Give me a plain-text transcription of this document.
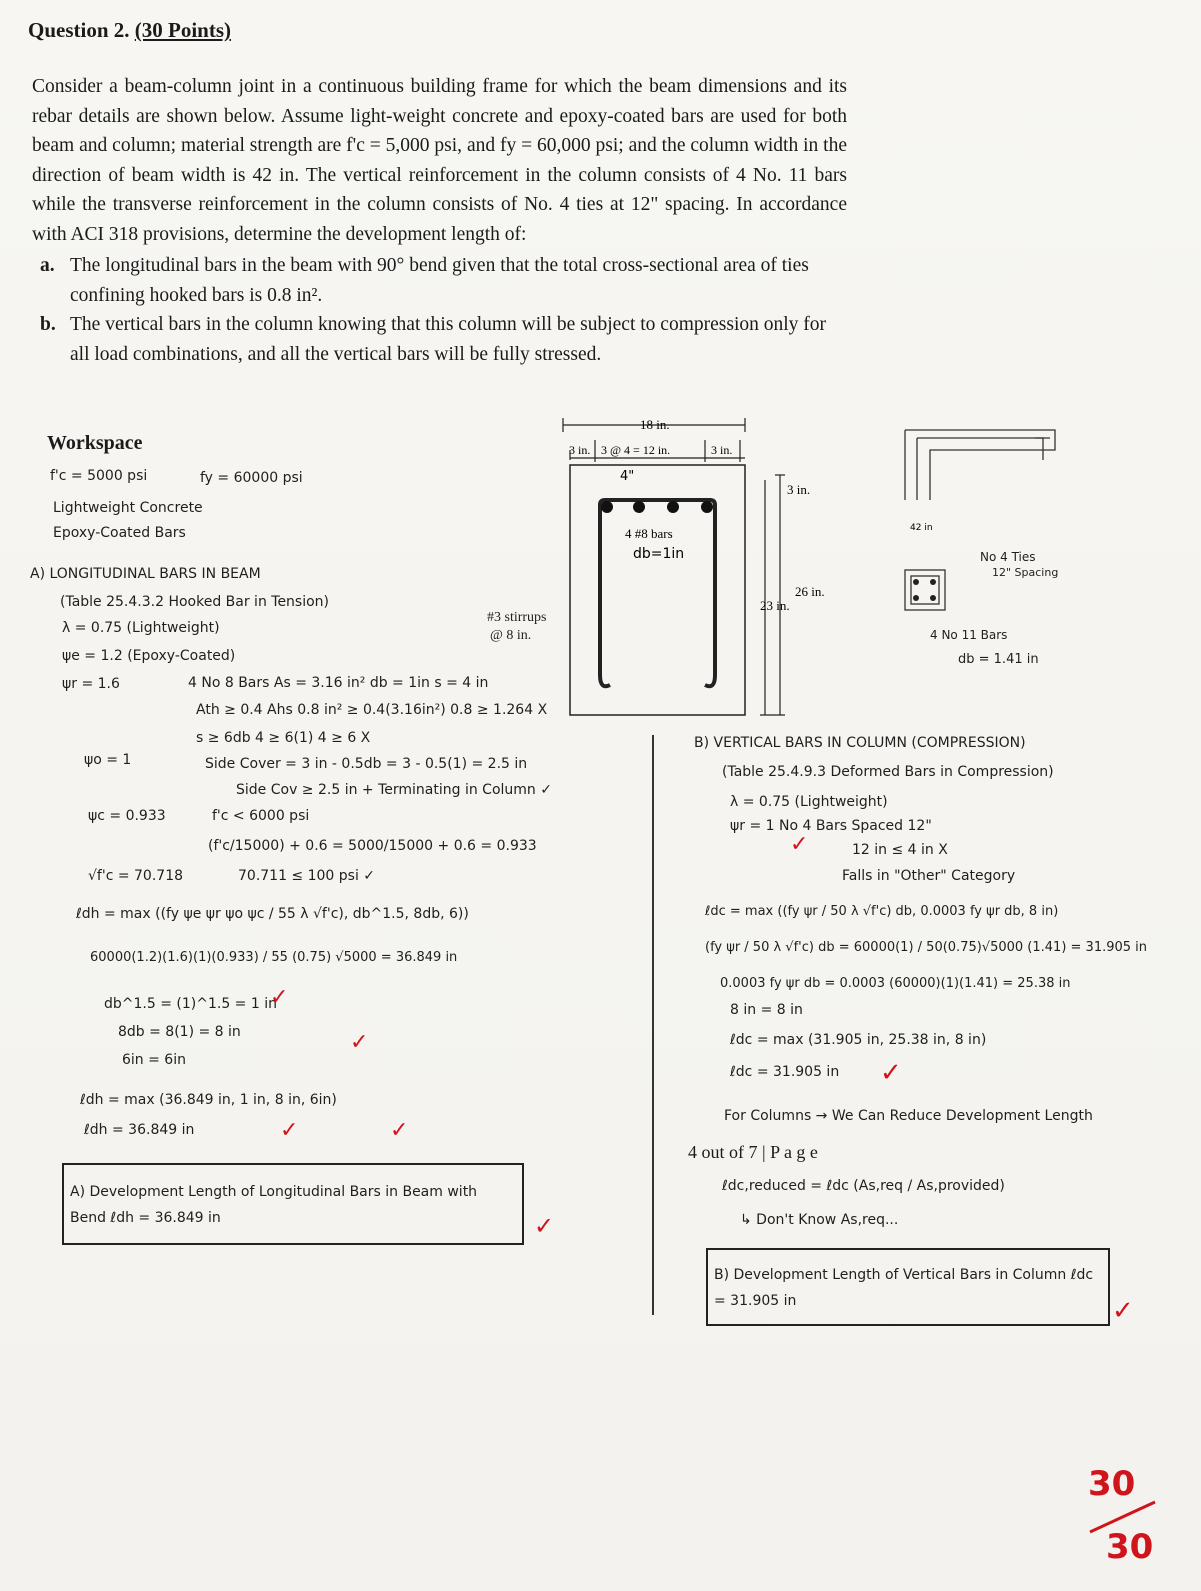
Question 2. (30 Points)

Consider a beam-column joint in a continuous building frame for which the beam dimensions and its rebar details are shown below. Assume light-weight concrete and epoxy-coated bars are used for both beam and column; material strength are f'c = 5,000 psi, and fy = 60,000 psi; and the column width in the direction of beam width is 42 in. The vertical reinforcement in the column consists of 4 No. 11 bars while the transverse reinforcement in the column consists of No. 4 ties at 12" spacing. In accordance with ACI 318 provisions, determine the development length of:

a. The longitudinal bars in the beam with 90° bend given that the total cross-sectional area of ties confining hooked bars is 0.8 in².
b. The vertical bars in the column knowing that this column will be subject to compression only for all load combinations, and all the vertical bars will be fully stressed.
Workspace
18 in.
3 in. 3 @ 4 = 12 in.	3 in.
4"
4 #8 bars
db=1in
3 in.
26 in.
23 in.
#3 stirrups
@ 8 in.
42 in
No 4 Ties
12" Spacing
4 No 11 Bars
db = 1.41 in
f'c = 5000 psi	fy = 60000 psi
Lightweight Concrete
Epoxy-Coated Bars
A) LONGITUDINAL BARS IN BEAM
(Table 25.4.3.2 Hooked Bar in Tension)
λ = 0.75 (Lightweight)
ψe = 1.2 (Epoxy-Coated)
ψr = 1.6	4 No 8 Bars As = 3.16 in² db = 1in s = 4 in
Ath ≥ 0.4 Ahs 0.8 in² ≥ 0.4(3.16in²) 0.8 ≥ 1.264 X
s ≥ 6db 4 ≥ 6(1) 4 ≥ 6 X
ψo = 1	Side Cover = 3 in - 0.5db = 3 - 0.5(1) = 2.5 in
Side Cov ≥ 2.5 in + Terminating in Column ✓
ψc = 0.933	f'c < 6000 psi
(f'c/15000) + 0.6 = 5000/15000 + 0.6 = 0.933
√f'c = 70.718	70.711 ≤ 100 psi ✓
ℓdh = max ((fy ψe ψr ψo ψc / 55 λ √f'c), db^1.5, 8db, 6))
60000(1.2)(1.6)(1)(0.933) / 55 (0.75) √5000 = 36.849 in
db^1.5 = (1)^1.5 = 1 in
8db = 8(1) = 8 in
6in = 6in
ℓdh = max (36.849 in, 1 in, 8 in, 6in)
ℓdh = 36.849 in
✓
✓
✓	✓
A) Development Length of Longitudinal Bars in Beam with Bend ℓdh = 36.849 in	✓
B) VERTICAL BARS IN COLUMN (COMPRESSION)
(Table 25.4.9.3 Deformed Bars in Compression)
λ = 0.75 (Lightweight)
ψr = 1 No 4 Bars Spaced 12"
12 in ≤ 4 in X
Falls in "Other" Category
ℓdc = max ((fy ψr / 50 λ √f'c) db, 0.0003 fy ψr db, 8 in)
(fy ψr / 50 λ √f'c) db = 60000(1) / 50(0.75)√5000 (1.41) = 31.905 in
0.0003 fy ψr db = 0.0003 (60000)(1)(1.41) = 25.38 in
8 in = 8 in
ℓdc = max (31.905 in, 25.38 in, 8 in)
ℓdc = 31.905 in
✓
✓
For Columns → We Can Reduce Development Length
4 out of 7 | P a g e
ℓdc,reduced = ℓdc (As,req / As,provided)
↳ Don't Know As,req...
B) Development Length of Vertical Bars in Column ℓdc = 31.905 in	✓
30
30
